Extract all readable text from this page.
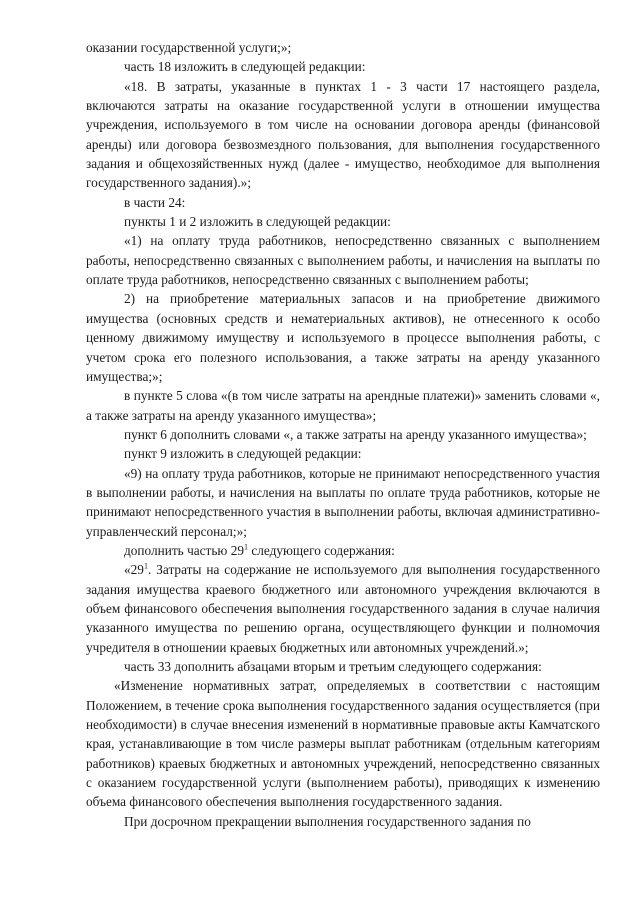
оказании государственной услуги;»;

часть 18 изложить в следующей редакции:

«18. В затраты, указанные в пунктах 1 - 3 части 17 настоящего раздела, включаются затраты на оказание государственной услуги в отношении имущества учреждения, используемого в том числе на основании договора аренды (финансовой аренды) или договора безвозмездного пользования, для выполнения государственного задания и общехозяйственных нужд (далее - имущество, необходимое для выполнения государственного задания).»;

в части 24:

пункты 1 и 2 изложить в следующей редакции:

«1) на оплату труда работников, непосредственно связанных с выполнением работы, непосредственно связанных с выполнением работы, и начисления на выплаты по оплате труда работников, непосредственно связанных с выполнением работы;

2) на приобретение материальных запасов и на приобретение движимого имущества (основных средств и нематериальных активов), не отнесенного к особо ценному движимому имуществу и используемого в процессе выполнения работы, с учетом срока его полезного использования, а также затраты на аренду указанного имущества;»;

в пункте 5 слова «(в том числе затраты на арендные платежи)» заменить словами «, а также затраты на аренду указанного имущества»;

пункт 6 дополнить словами «, а также затраты на аренду указанного имущества»;

пункт 9 изложить в следующей редакции:

«9) на оплату труда работников, которые не принимают непосредственного участия в выполнении работы, и начисления на выплаты по оплате труда работников, которые не принимают непосредственного участия в выполнении работы, включая административно-управленческий персонал;»;

дополнить частью $29^1$ следующего содержания:

«$29^1$. Затраты на содержание не используемого для выполнения государственного задания имущества краевого бюджетного или автономного учреждения включаются в объем финансового обеспечения выполнения государственного задания в случае наличия указанного имущества по решению органа, осуществляющего функции и полномочия учредителя в отношении краевых бюджетных или автономных учреждений.»;

часть 33 дополнить абзацами вторым и третьим следующего содержания:

«Изменение нормативных затрат, определяемых в соответствии с настоящим Положением, в течение срока выполнения государственного задания осуществляется (при необходимости) в случае внесения изменений в нормативные правовые акты Камчатского края, устанавливающие в том числе размеры выплат работникам (отдельным категориям работников) краевых бюджетных и автономных учреждений, непосредственно связанных с оказанием государственной услуги (выполнением работы), приводящих к изменению объема финансового обеспечения выполнения государственного задания.

При досрочном прекращении выполнения государственного задания по
